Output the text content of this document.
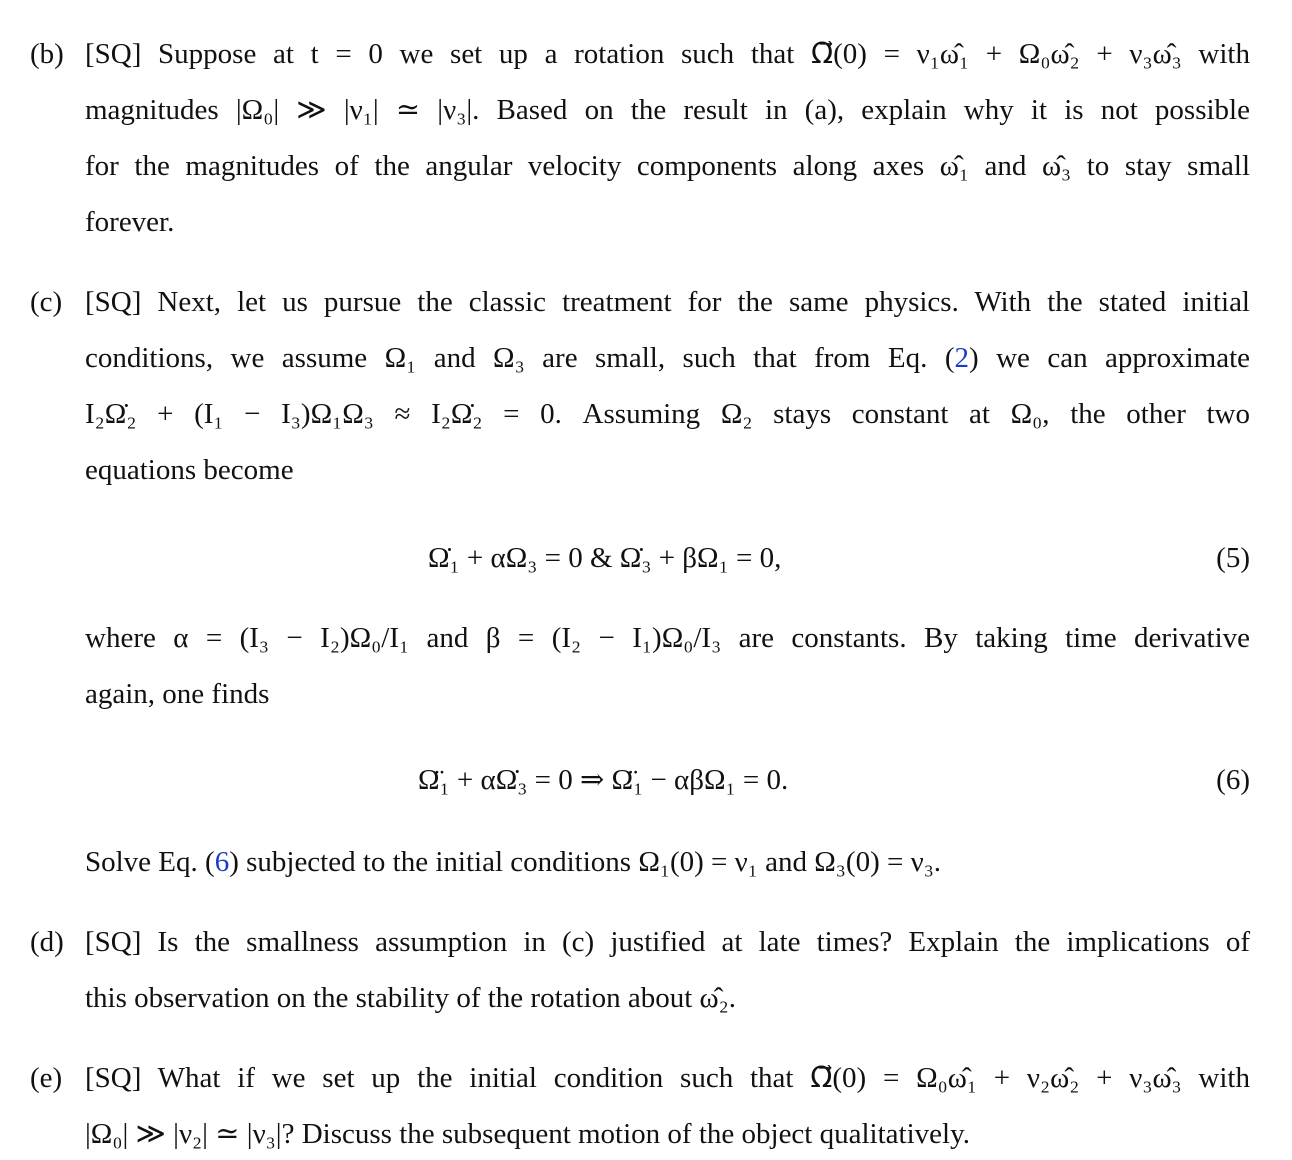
(b) [SQ] Suppose at t = 0 we set up a rotation such that Ω⃗(0) = ν₁ω̂₁ + Ω₀ω̂₂ + ν₃ω̂₃ with
magnitudes |Ω₀| ≫ |ν₁| ≃ |ν₃|. Based on the result in (a), explain why it is not possible
for the magnitudes of the angular velocity components along axes ω̂₁ and ω̂₃ to stay small
forever.
(c) [SQ] Next, let us pursue the classic treatment for the same physics. With the stated initial
conditions, we assume Ω₁ and Ω₃ are small, such that from Eq. (2) we can approximate
I₂Ω̇₂ + (I₁ − I₃)Ω₁Ω₃ ≈ I₂Ω̇₂ = 0. Assuming Ω₂ stays constant at Ω₀, the other two
equations become
Ω̇₁ + αΩ₃ = 0 & Ω̇₃ + βΩ₁ = 0,	(5)
where α = (I₃ − I₂)Ω₀/I₁ and β = (I₂ − I₁)Ω₀/I₃ are constants. By taking time derivative
again, one finds
Ω̈₁ + αΩ̇₃ = 0 ⇒ Ω̈₁ − αβΩ₁ = 0.	(6)
Solve Eq. (6) subjected to the initial conditions Ω₁(0) = ν₁ and Ω₃(0) = ν₃.
(d) [SQ] Is the smallness assumption in (c) justified at late times? Explain the implications of
this observation on the stability of the rotation about ω̂₂.
(e) [SQ] What if we set up the initial condition such that Ω⃗(0) = Ω₀ω̂₁ + ν₂ω̂₂ + ν₃ω̂₃ with
|Ω₀| ≫ |ν₂| ≃ |ν₃|? Discuss the subsequent motion of the object qualitatively.
